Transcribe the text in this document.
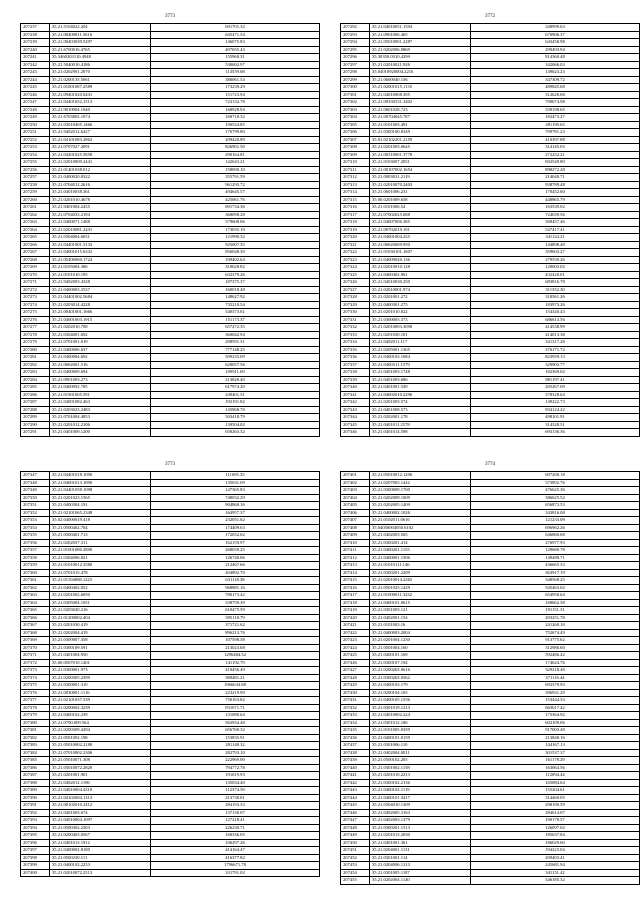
3773
207237	35.21.5104022.204	691701.32
207238	35.21.00400811.5616	645471.54
207239	35.21.00403039.5297	146075.83
207240	35.21.6700016.4765	497655.43
207241	35.3460303110.4948	155960.31
207242	35.21.5040010.4186	530692.97
207243	35.21.0202901.2070	113559.68
207244	35.21.0200135.5061	380061.54
207245	35.21.01001087.2589	173239.29
207246	35.21.09401020.0431	151723.94
207247	35.21.04401652.1513	723132.78
207248	35.21.9010004.1940	168928.94
207249	35.21.6703802.1074	168718.32
207250	35.21.03010405.1466	190524.85
207251	35.21.9402012.6427	176799.80
207252	35.21.04101083.2862	209420.89
207253	35.21.0707027.2091	826901.50
207254	35.21.04201025.5858	290164.81
207255	35.21.02010009.2441	142643.21
207256	35.21.01401038.012	158090.10
207257	35.21.0400020.8322	355791.59
207258	35.21.0704012.2616	961295.72
207259	35.21.04010038.361	494645.57
207260	35.21.0201010.4678	425061.76
207261	35.21.9401004.2455	691734.36
207262	35.21.0704033.2194	368098.28
207263	35.21.0400071.1488	579608.06
207264	35.21.02010081.2431	173035.19
207265	35.21.0304004.6051	121990.32
207266	35.21.04401001.5133	925007.35
207267	35.21.04001015.6332	856048.39
207268	35.21.05400060.1724	109402.64
207269	35.21.0105004.386	310028.82
207270	35.21.0101010.195	632379.26
207271	35.21.9402003.4328	187375.37
207272	35.21.0400003.2537	160018.48
207273	35.21.04401002.5684	148627.92
207274	35.21.0203014.4228	735210.54
207275	35.21.00401001.1666	540373.61
207276	35.21.04001003.1915	151173.37
207277	35.21.0202010.708	657272.35
207278	35.21.0304001.692	360042.94
207279	35.21.0701001.019	208591.31
207280	35.21.0400006.637	777148.25
207281	35.21.0400084.692	509235.09
207282	35.21.0602001.516	620057.56
207283	35.21.0400009.694	109911.69
207284	35.21.0901003.273	213820.40
207285	35.21.0400092.785	617974.20
207286	35.21.01901005.591	249401.51
207287	35.21.04001082.463	192191.82
207288	35.21.0203023.2483	145968.70
207289	35.21.0701004.4853	503418.79
207290	35.21.0201012.2106	139504.02
207291	35.21.0401009.1200	658263.32
3772
207292	35.21.04010051.1594	348999.63
207293	35.21.0901006.465	670906.37
207294	35.21.05010001.2287	643458.98
207295	35.21.0202006.0869	299493.94
207296	35.30350.0310.4299	814360.48
207297	35.21.02010021.926	342066.03
207298	35.04010920004.2216	149623.23
207299	35.21.0600040.156	347309.72
207300	35.21.02001015.1135	489845.68
207301	35.21.04010008.395	312628.68
207302	35.21.00330531.3402	790674.98
207303	35.21.0601028.723	339198.65
207304	35.21.00704045.787	182473.27
207305	35.21.0101003.491	281190.63
207306	35.21.0300100.8349	709781.23
207307	35.01.02102201.2159	410397.88
207308	35.21.0201003.0645	314145.03
207309	35.21.00510001.3778	272252.21
207310	35.21.0103007.2051	692549.80
207311	35.21.00107002.1654	898272.28
207312	35.21.0003031.2119	214040.71
207313	35.21.02010070.2403	938789.48
207314	35.21.0601006.231	170452.60
207315	35.00.0201009.658	448865.79
207316	35.21.0101006.54	163539.02
207317	35.21.07002025.688	724039.56
207318	35.21.04007006.385	308457.46
207319	35.21.00702019.191	547417.41
207320	35.21.04001004.235	341124.21
207321	35.21.06020009.950	144898.48
207322	35.21.01030101.1607	359603.27
207323	35.21.04009020.136	279550.26
207324	35.21.02010010.128	120003.02
207325	35.21.0400402.961	432420.01
207326	35.21.04010030.250	683816.78
207327	35.21.02010001.974	311352.30
207328	35.21.0201001.272	318561.26
207329	35.21.0400301.275	183973.26
207330	35.21.0201010.822	154340.43
207331	35.21.0300003.373	686613.56
207332	35.21.02010003.3090	414538.99
207333	35.21.0201030.101	414013.38
207334	35.21.0402011.117	341317.28
207335	35.21.0205001.1365	376171.72
207336	35.21.0400103.1084	823959.13
207337	35.21.0400311.1579	329903.77
207338	35.21.0401003.1748	182369.02
207339	35.21.0401003.686	881197.41
207340	35.21.0401001.549	205267.09
207341	35.21.04002010.2296	578328.64
207342	35.21.0201003.574	149222.73
207343	35.21.0401008.573	834124.22
207344	35.21.0202001.178	498101.91
207345	35.21.0401011.2578	314328.51
207346	35.21.0401014.598	693136.36
3773
207347	35.21.04401018.1090	111695.35
207348	35.21.04001013.1890	135031.09
207349	35.21.04401058.1098	147365.83
207350	35.21.0201023.1565	748032.29
207351	35.21.0400304.191	904860.16
207352	35.21.02101065.2348	164957.37
207353	35.02.04000019.418	232051.62
207354	35.21.0500402.704	174409.63
207355	35.21.0500401.713	172052.62
207356	35.21.0202037.311	162159.97
207357	35.21.01001080.2890	268039.25
207358	35.21.0304006.821	126740.06
207359	35.21.01010012.3580	212467.66
207360	35.21.0701015.478	404892.70
207361	35.21.01104008.1225	631118.38
207362	35.21.0400402.052	968881.16
207363	35.21.0201002.6050	780173.42
207364	35.21.0305004.1051	338759.39
207365	35.21.0203020.216	610475.59
207366	35.21.01200002.404	395118.79
207367	35.21.0201030.419	371721.62
207368	35.21.0202004.419	896213.76
207369	35.21.0300007.358	107598.38
207370	35.21.0300109.591	213023.68
207371	35.21.0401004.950	1296484.52
207372	35.00.0507010.1401	141192.79
207373	35.21.0300001.973	410456.49
207374	35.21.0200305.2399	389481.21
207375	35.21.0300001.310	1966634.88
207376	35.21.0030001.1116	223219.99
207377	35.21.02101037.539	750163.82
207378	35.21.0200002.3239	931071.71
207379	35.21.0400102.239	131080.64
207380	35.21.0700.009.564	563934.48
207381	35.21.0200309.4294	656769.32
207382	35.21.0501002.198	153835.91
207383	35.21.05010002.2180	281148.32
207384	35.21.07010002.2306	282793.10
207385	35.21.05010071.308	222969.00
207386	35.21.05010072.2820	794772.78
207387	35.21.0201001.901	191019.93
207388	35.21.0402012.1196	135034.40
207389	35.21.04010004.4310	112374.59
207390	35.21.04102004.1313	213738.01
207391	35.21.00102010.2412	284193.33
207392	35.21.0401003.674	137130.07
207393	35.21.04010004.1097	127218.41
207394	35.21.0500302.2303	226230.71
207395	35.21.0200403.0567	160336.05
207396	35.21.0401013.1912	106297.26
207397	35.21.0400002.8180	414164.47
207398	35.21.0500230.111	416377.82
207399	35.21.0400102.2253	1796671.78
207400	35.21.02010072.2513	331791.02
3774
207401	35.21.05010012.1206	697200.18
207402	35.21.0207003.1442	373892.76
207403	35.21.0300009.1700	476625.36
207404	35.21.0202009.1009	386625.52
207405	35.21.0202005.1409	656873.53
207406	35.21.0400002.1026	343816.08
207407	35.21.0102011.0616	121233.09
207408	35.04050004050.6102	696962.26
207409	35.21.0402003.565	646860.68
207410	35.21.0300201.414	276977.93
207411	35.21.0400201.1155	129680.78
207412	35.21.0400001.1506	149488.71
207413	35.21.01010111.146	436665.33
207414	35.21.0300201.2209	363917.19
207415	35.21.02010014.2265	348568.25
207416	35.21.0501025.1429	545463.02
207417	35.21.01000011.3232	654958.64
207418	35.21.0400101.0615	168662.58
207419	35.21.0301003.121	191151.31
207420	35.21.0402001.154	203251.78
207421	35.21.0101003.16	241260.10
207422	35.21.0400003.2004	752674.49
207423	35.21.0201004.1230	913775.62
207424	35.21.0501004.160	312986.60
207425	35.21.0400101.169	592486.42
207426	35.21.0300107.194	174624.76
207427	35.21.0200203.0616	329218.48
207428	35.21.0300203.0562	371116.44
207429	35.21.0400103.179	692379.93
207430	35.21.0200104.165	396931.29
207431	35.21.0400105.1556	153444.33
207432	35.21.0301019.1213	663617.42
207433	35.21.04010002.224	175364.92
207434	35.21.0301012.186	602109.06
207435	35.21.0101005.0359	917003.48
207436	35.21.0400101.0159	213840.16
207437	35.21.0301006.110	144167.13
207438	35.21.0402004.0011	301537.37
207439	35.21.0500102.205	161178.29
207440	35.21.0301002.1158	163064.56
207441	35.21.0201010.2213	112094.44
207442	35.21.0300102.2136	165084.64
207443	35.21.0400102.1119	155204.61
207444	35.21.0400101.3417	314460.05
207445	35.21.0304010.1309	298190.59
207446	35.21.0402005.3163	284614.07
207447	35.21.0402003.1379	190178.57
207448	35.21.0300201.1513	126097.02
207449	35.21.0201013.2030	185637.84
207450	35.21.0401001.361	186029.60
207451	35.21.0204001.1131	194223.04
207452	35.21.0301001.114	209403.41
207453	35.21.0204006.1313	245681.94
207454	35.21.0301005.1187	341151.42
207455	35.21.0202004.1140	346185.32
